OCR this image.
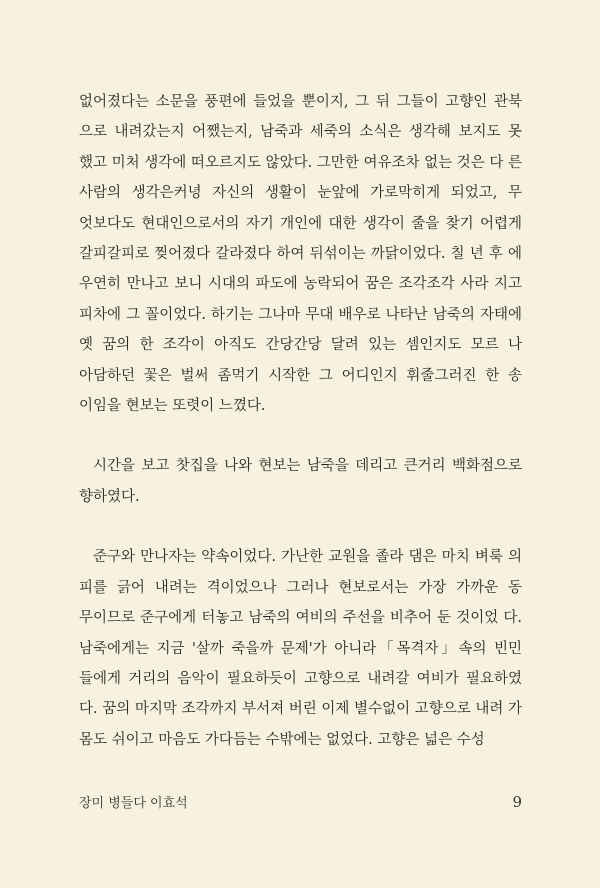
없어졌다는 소문을 풍편에 들었을 뿐이지, 그 뒤 그들이 고향인 관북 으로 내려갔는지 어쨌는지, 남죽과 세죽의 소식은 생각해 보지도 못 했고 미처 생각에 떠오르지도 않았다. 그만한 여유조차 없는 것은 다 른 사람의 생각은커녕 자신의 생활이 눈앞에 가로막히게 되었고, 무 엇보다도 현대인으로서의 자기 개인에 대한 생각이 줄을 찾기 어렵게 갈피갈피로 찢어졌다 갈라졌다 하여 뒤섞이는 까닭이었다. 칠 년 후 에 우연히 만나고 보니 시대의 파도에 농락되어 꿈은 조각조각 사라 지고 피차에 그 꼴이었다. 하기는 그나마 무대 배우로 나타난 남죽의 자태에 옛 꿈의 한 조각이 아직도 간당간당 달려 있는 셈인지도 모르 나 아담하던 꽃은 벌써 좀먹기 시작한 그 어디인지 휘줄그러진 한 송 이임을 현보는 또렷이 느꼈다.

시간을 보고 찻집을 나와 현보는 남죽을 데리고 큰거리 백화점으로 향하였다.

준구와 만나자는 약속이었다. 가난한 교원을 졸라 댐은 마치 벼룩 의 피를 긁어 내려는 격이었으나 그러나 현보로서는 가장 가까운 동 무이므로 준구에게 터놓고 남죽의 여비의 주선을 비추어 둔 것이었 다. 남죽에게는 지금 '살까 죽을까 문제'가 아니라「목격자」속의 빈민 들에게 거리의 음악이 필요하듯이 고향으로 내려갈 여비가 필요하였 다. 꿈의 마지막 조각까지 부서져 버린 이제 별수없이 고향으로 내려 가 몸도 쉬이고 마음도 가다듬는 수밖에는 없었다. 고향은 넓은 수성

장미 병들다 이효석	9
